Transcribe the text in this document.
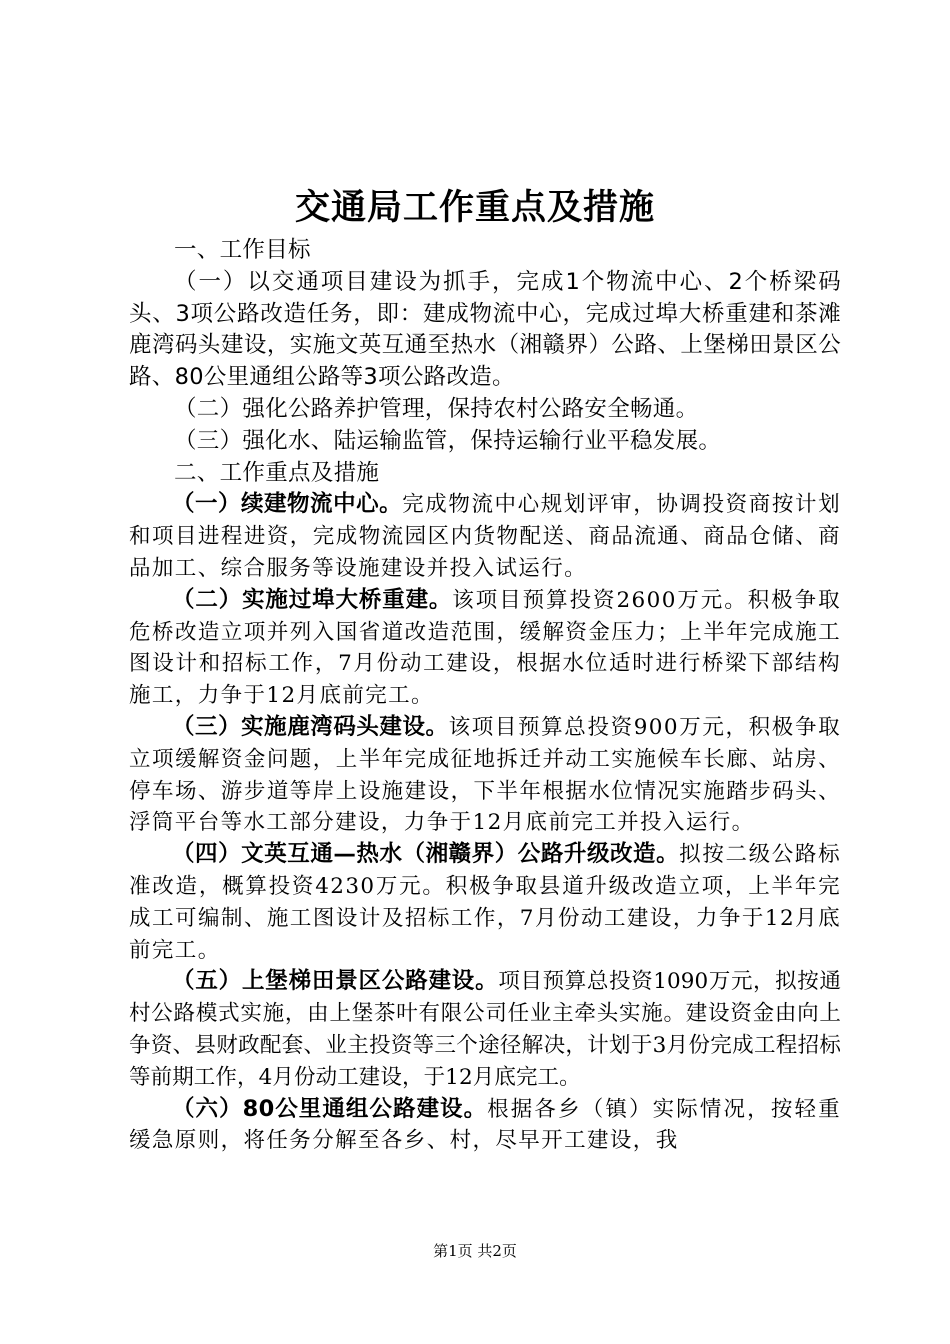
交通局工作重点及措施

一、工作目标

（一）以交通项目建设为抓手，完成1个物流中心、2个桥梁码头、3项公路改造任务，即：建成物流中心，完成过埠大桥重建和茶滩鹿湾码头建设，实施文英互通至热水（湘赣界）公路、上堡梯田景区公路、80公里通组公路等3项公路改造。

（二）强化公路养护管理，保持农村公路安全畅通。

（三）强化水、陆运输监管，保持运输行业平稳发展。

二、工作重点及措施

（一）续建物流中心。完成物流中心规划评审，协调投资商按计划和项目进程进资，完成物流园区内货物配送、商品流通、商品仓储、商品加工、综合服务等设施建设并投入试运行。

（二）实施过埠大桥重建。该项目预算投资2600万元。积极争取危桥改造立项并列入国省道改造范围，缓解资金压力；上半年完成施工图设计和招标工作，7月份动工建设，根据水位适时进行桥梁下部结构施工，力争于12月底前完工。

（三）实施鹿湾码头建设。该项目预算总投资900万元，积极争取立项缓解资金问题，上半年完成征地拆迁并动工实施候车长廊、站房、停车场、游步道等岸上设施建设，下半年根据水位情况实施踏步码头、浮筒平台等水工部分建设，力争于12月底前完工并投入运行。

（四）文英互通—热水（湘赣界）公路升级改造。拟按二级公路标准改造，概算投资4230万元。积极争取县道升级改造立项，上半年完成工可编制、施工图设计及招标工作，7月份动工建设，力争于12月底前完工。

（五）上堡梯田景区公路建设。项目预算总投资1090万元，拟按通村公路模式实施，由上堡茶叶有限公司任业主牵头实施。建设资金由向上争资、县财政配套、业主投资等三个途径解决，计划于3月份完成工程招标等前期工作，4月份动工建设，于12月底完工。

（六）80公里通组公路建设。根据各乡（镇）实际情况，按轻重缓急原则，将任务分解至各乡、村，尽早开工建设，我

第1页 共2页
